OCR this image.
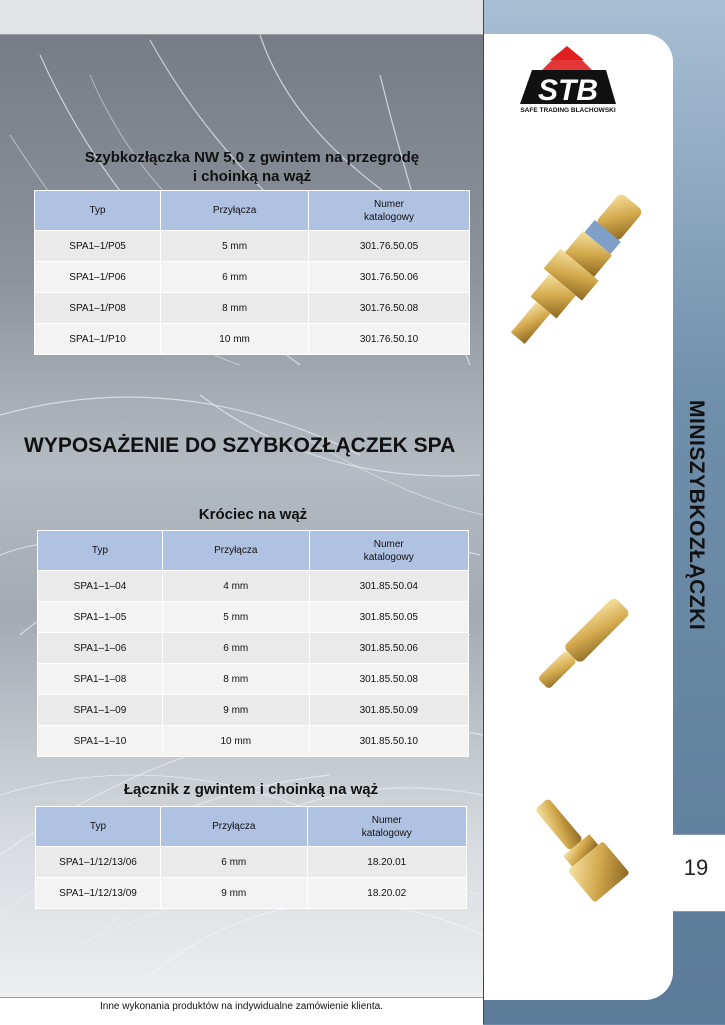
STB
SAFE TRADING BLACHOWSKI
MINISZYBKOZŁĄCZKI
19
Szybkozłączka NW 5,0 z gwintem na przegrodę
i choinką na wąż
Typ	Przyłącza	Numer katalogowy
SPA1–1/P05	5 mm	301.76.50.05
SPA1–1/P06	6 mm	301.76.50.06
SPA1–1/P08	8 mm	301.76.50.08
SPA1–1/P10	10 mm	301.76.50.10
WYPOSAŻENIE DO SZYBKOZŁĄCZEK SPA
Króciec na wąż
Typ	Przyłącza	Numer katalogowy
SPA1–1–04	4 mm	301.85.50.04
SPA1–1–05	5 mm	301.85.50.05
SPA1–1–06	6 mm	301.85.50.06
SPA1–1–08	8 mm	301.85.50.08
SPA1–1–09	9 mm	301.85.50.09
SPA1–1–10	10 mm	301.85.50.10
Łącznik z gwintem i choinką na wąż
Typ	Przyłącza	Numer katalogowy
SPA1–1/12/13/06	6 mm	18.20.01
SPA1–1/12/13/09	9 mm	18.20.02
Inne wykonania produktów na indywidualne zamówienie klienta.
